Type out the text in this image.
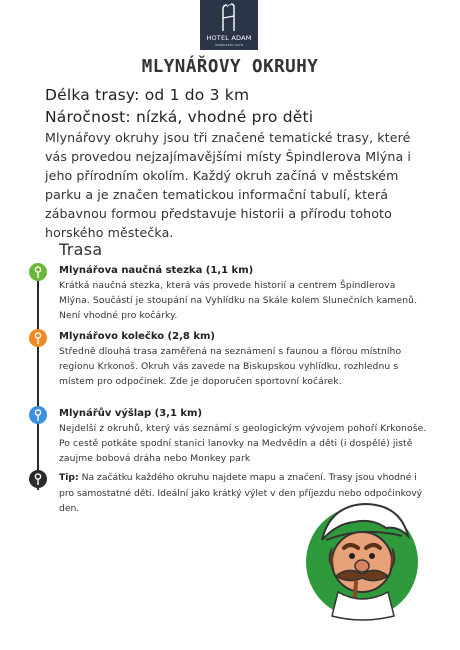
HOTEL ADAM
ŠPINDLERŮV MLÝN
MLYNÁŘOVY OKRUHY
Délka trasy: od 1 do 3 km
Náročnost: nízká, vhodné pro děti
Mlynářovy okruhy jsou tři značené tematické trasy, které vás provedou nejzajímavějšími místy Špindlerova Mlýna i jeho přírodním okolím. Každý okruh začíná v městském parku a je značen tematickou informační tabulí, která zábavnou formou představuje historii a přírodu tohoto horského městečka.
Trasa
Mlynářova naučná stezka (1,1 km)

Krátká naučná stezka, která vás provede historií a centrem Špindlerova Mlýna. Součástí je stoupání na Vyhlídku na Skále kolem Slunečních kamenů. Není vhodné pro kočárky.

Mlynářovo kolečko (2,8 km)

Středně dlouhá trasa zaměřená na seznámení s faunou a flórou místního regionu Krkonoš. Okruh vás zavede na Biskupskou vyhlídku, rozhlednu s místem pro odpočinek. Zde je doporučen sportovní kočárek.

Mlynářův výšlap (3,1 km)

Nejdelší z okruhů, který vás seznámí s geologickým vývojem pohoří Krkonoše. Po cestě potkáte spodní stanici lanovky na Medvědín a děti (i dospělé) jistě zaujme bobová dráha nebo Monkey park

Tip: Na začátku každého okruhu najdete mapu a značení. Trasy jsou vhodné i pro samostatné děti. Ideální jako krátký výlet v den příjezdu nebo odpočinkový den.
